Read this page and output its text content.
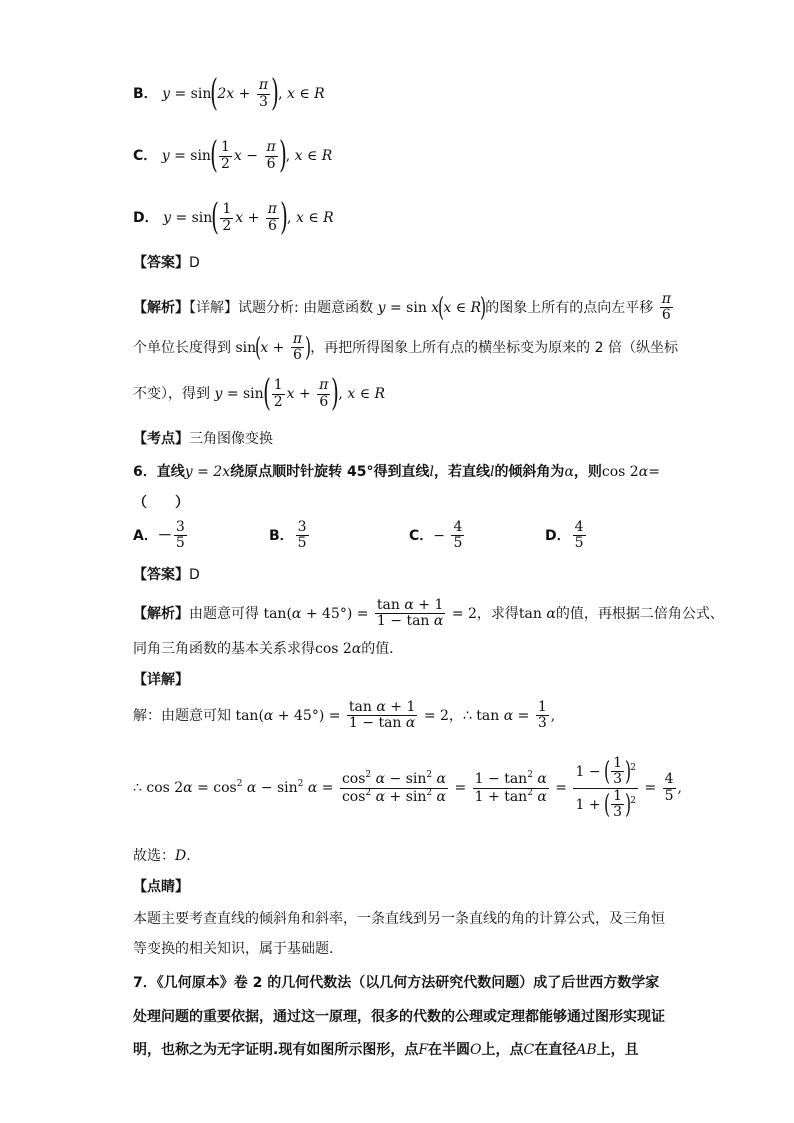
B． $y = \sin(2x + \frac{\pi}{3}$ ), x ∈ R
C． $y = \sin( \frac{1}{2}$ $x - \frac{\pi}{6}$ ), x ∈ R
D． $y = \sin( \frac{1}{2}$ $x + \frac{\pi}{6}$ ), x ∈ R
【答案】D
【解析】【详解】试题分析: 由题意函数 y = sin x(x ∈ R)的图象上所有的点向左平移 $\frac{\pi}{6}$
个单位长度得到 $\sin(x + \frac{\pi}{6}$ )，再把所得图象上所有点的横坐标变为原来的 2 倍（纵坐标
不变），得到 $y = \sin( \frac{1}{2}$ $x + \frac{\pi}{6}$ ), x ∈ R
【考点】三角图像变换
6．直线y = 2x绕原点顺时针旋转 45°得到直线l，若直线l的倾斜角为α，则cos 2α=
（　　）
A．－ $\frac{3}{5}$	B． $\frac{3}{5}$	C．− $\frac{4}{5}$	D． $\frac{4}{5}$
【答案】D
【解析】由题意可得 $\tan(\alpha + 45^\circ) = \frac{\text{tan α + 1}}{\text{1 − tan α}} = 2$，求得tan α的值，再根据二倍角公式、
同角三角函数的基本关系求得cos 2α的值．
【详解】
解：由题意可知 $\tan(\alpha + 45^\circ) = \frac{\text{tan α + 1}}{\text{1 − tan α}} = 2$，∴ $\tan \alpha = \frac{1}{3}$ ,
∴ $\cos 2\alpha = \cos^2 \alpha - \sin^2 \alpha = \frac{\cos^2 \alpha - \sin^2 \alpha}{\cos^2 \alpha + \sin^2 \alpha} = \frac{1 - \tan^2 \alpha}{1 + \tan^2 \alpha} = \frac{1 - ( \frac{1}{3} )^2}{1 + ( \frac{1}{3} )^2} = \frac{4}{5}$ ,
故选：D．
【点睛】
本题主要考查直线的倾斜角和斜率，一条直线到另一条直线的角的计算公式，及三角恒
等变换的相关知识，属于基础题．
7．《几何原本》卷 2 的几何代数法（以几何方法研究代数问题）成了后世西方数学家
处理问题的重要依据，通过这一原理，很多的代数的公理或定理都能够通过图形实现证
明，也称之为无字证明.现有如图所示图形，点F在半圆O上，点C在直径AB上，且
